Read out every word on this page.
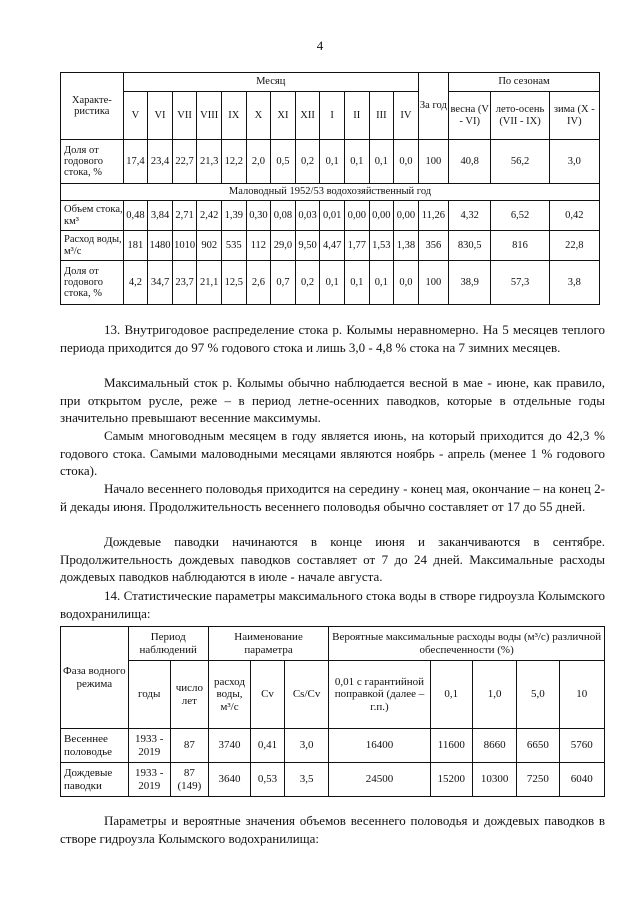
4
Характе-ристика	Месяц												За год	По сезонам		
	V	VI	VII	VIII	IX	X	XI	XII	I	II	III	IV		весна (V - VI)	лето-осень (VII - IX)	зима (X - IV)
Доля от годового стока, %	17,4	23,4	22,7	21,3	12,2	2,0	0,5	0,2	0,1	0,1	0,1	0,0	100	40,8	56,2	3,0
Маловодный 1952/53 водохозяйственный год																
Объем стока, км³	0,48	3,84	2,71	2,42	1,39	0,30	0,08	0,03	0,01	0,00	0,00	0,00	11,26	4,32	6,52	0,42
Расход воды, м³/с	181	1480	1010	902	535	112	29,0	9,50	4,47	1,77	1,53	1,38	356	830,5	816	22,8
Доля от годового стока, %	4,2	34,7	23,7	21,1	12,5	2,6	0,7	0,2	0,1	0,1	0,1	0,0	100	38,9	57,3	3,8
13. Внутригодовое распределение стока р. Колымы неравномерно. На 5 месяцев теплого периода приходится до 97 % годового стока и лишь 3,0 - 4,8 % стока на 7 зимних месяцев.
Максимальный сток р. Колымы обычно наблюдается весной в мае - июне, как правило, при открытом русле, реже – в период летне-осенних паводков, которые в отдельные годы значительно превышают весенние максимумы.
Самым многоводным месяцем в году является июнь, на который приходится до 42,3 % годового стока. Самыми маловодными месяцами являются ноябрь - апрель (менее 1 % годового стока).
Начало весеннего половодья приходится на середину - конец мая, окончание – на конец 2-й декады июня. Продолжительность весеннего половодья обычно составляет от 17 до 55 дней.
Дождевые паводки начинаются в конце июня и заканчиваются в сентябре. Продолжительность дождевых паводков составляет от 7 до 24 дней. Максимальные расходы дождевых паводков наблюдаются в июле - начале августа.
14. Статистические параметры максимального стока воды в створе гидроузла Колымского водохранилища:
Фаза водного режима	Период наблюдений		Наименование параметра			Вероятные максимальные расходы воды (м³/с) различной обеспеченности (%)				
	годы	число лет	расход воды, м³/с	Cv	Cs/Cv	0,01 с гарантийной поправкой (далее – г.п.)	0,1	1,0	5,0	10
Весеннее половодье	1933 - 2019	87	3740	0,41	3,0	16400	11600	8660	6650	5760
Дождевые паводки	1933 - 2019	87 (149)	3640	0,53	3,5	24500	15200	10300	7250	6040
Параметры и вероятные значения объемов весеннего половодья и дождевых паводков в створе гидроузла Колымского водохранилища:
